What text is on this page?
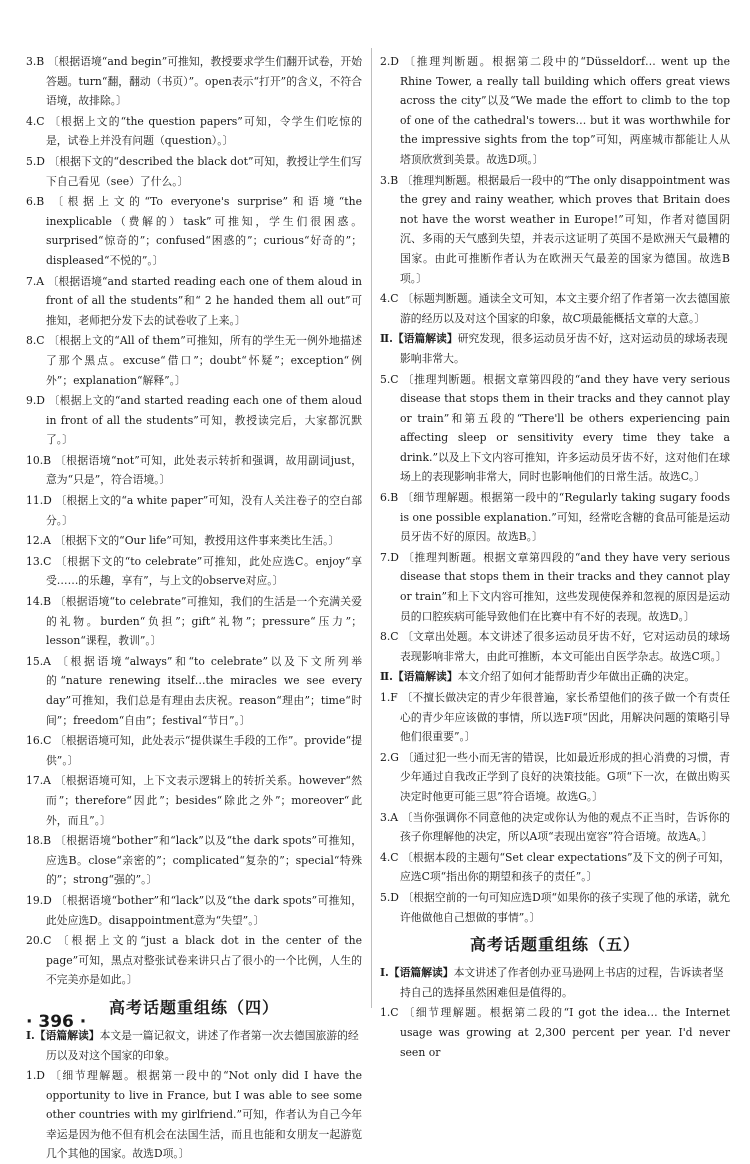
3.B 〔根据语境“and begin”可推知，教授要求学生们翻开试卷，开始答题。turn“翻，翻动（书页）”。open表示“打开”的含义，不符合语境，故排除。〕

4.C 〔根据上文的“the question papers”可知，令学生们吃惊的是，试卷上并没有问题（question）。〕

5.D 〔根据下文的“described the black dot”可知，教授让学生们写下自己看见（see）了什么。〕

6.B 〔根据上文的“To everyone's surprise”和语境“the inexplicable（费解的）task”可推知，学生们很困惑。surprised“惊奇的”；confused“困惑的”；curious“好奇的”；displeased“不悦的”。〕

7.A 〔根据语境“and started reading each one of them aloud in front of all the students”和“ 2 he handed them all out”可推知，老师把分发下去的试卷收了上来。〕

8.C 〔根据上文的“All of them”可推知，所有的学生无一例外地描述了那个黑点。excuse“借口”；doubt“怀疑”；exception“例外”；explanation“解释”。〕

9.D 〔根据上文的“and started reading each one of them aloud in front of all the students”可知，教授读完后，大家都沉默了。〕

10.B 〔根据语境“not”可知，此处表示转折和强调，故用副词just，意为“只是”，符合语境。〕

11.D 〔根据上文的“a white paper”可知，没有人关注卷子的空白部分。〕

12.A 〔根据下文的“Our life”可知，教授用这件事来类比生活。〕

13.C 〔根据下文的“to celebrate”可推知，此处应选C。enjoy“享受……的乐趣，享有”，与上文的observe对应。〕

14.B 〔根据语境“to celebrate”可推知，我们的生活是一个充满关爱的礼物。burden“负担”；gift“礼物”；pressure“压力”；lesson“课程，教训”。〕

15.A 〔根据语境“always”和“to celebrate”以及下文所列举的“nature renewing itself…the miracles we see every day”可推知，我们总是有理由去庆祝。reason“理由”；time“时间”；freedom“自由”；festival“节日”。〕

16.C 〔根据语境可知，此处表示“提供谋生手段的工作”。provide“提供”。〕

17.A 〔根据语境可知，上下文表示逻辑上的转折关系。however“然而”；therefore“因此”；besides“除此之外”；moreover“此外，而且”。〕

18.B 〔根据语境“bother”和“lack”以及“the dark spots”可推知，应选B。close“亲密的”；complicated“复杂的”；special“特殊的”；strong“强的”。〕

19.D 〔根据语境“bother”和“lack”以及“the dark spots”可推知，此处应选D。disappointment意为“失望”。〕

20.C 〔根据上文的“just a black dot in the center of the page”可知，黑点对整张试卷来讲只占了很小的一个比例，人生的不完美亦是如此。〕

高考话题重组练（四）
Ⅰ.【语篇解读】本文是一篇记叙文，讲述了作者第一次去德国旅游的经历以及对这个国家的印象。

1.D 〔细节理解题。根据第一段中的“Not only did I have the opportunity to live in France, but I was able to see some other countries with my girlfriend.”可知，作者认为自己今年幸运是因为他不但有机会在法国生活，而且也能和女朋友一起游览几个其他的国家。故选D项。〕

2.D 〔推理判断题。根据第二段中的“Düsseldorf… went up the Rhine Tower, a really tall building which offers great views across the city”以及“We made the effort to climb to the top of one of the cathedral's towers… but it was worthwhile for the impressive sights from the top”可知，两座城市都能让人从塔顶欣赏到美景。故选D项。〕

3.B 〔推理判断题。根据最后一段中的“The only disappointment was the grey and rainy weather, which proves that Britain does not have the worst weather in Europe!”可知，作者对德国阴沉、多雨的天气感到失望，并表示这证明了英国不是欧洲天气最糟的国家。由此可推断作者认为在欧洲天气最差的国家为德国。故选B项。〕

4.C 〔标题判断题。通读全文可知，本文主要介绍了作者第一次去德国旅游的经历以及对这个国家的印象，故C项最能概括文章的大意。〕

Ⅱ.【语篇解读】研究发现，很多运动员牙齿不好，这对运动员的球场表现影响非常大。

5.C 〔推理判断题。根据文章第四段的“and they have very serious disease that stops them in their tracks and they cannot play or train”和第五段的“There'll be others experiencing pain affecting sleep or sensitivity every time they take a drink.”以及上下文内容可推知，许多运动员牙齿不好，这对他们在球场上的表现影响非常大，同时也影响他们的日常生活。故选C。〕

6.B 〔细节理解题。根据第一段中的“Regularly taking sugary foods is one possible explanation.”可知，经常吃含糖的食品可能是运动员牙齿不好的原因。故选B。〕

7.D 〔推理判断题。根据文章第四段的“and they have very serious disease that stops them in their tracks and they cannot play or train”和上下文内容可推知，这些发现使保养和忽视的原因是运动员的口腔疾病可能导致他们在比赛中有不好的表现。故选D。〕

8.C 〔文章出处题。本文讲述了很多运动员牙齿不好，它对运动员的球场表现影响非常大，由此可推断，本文可能出自医学杂志。故选C项。〕

Ⅱ.【语篇解读】本文介绍了如何才能帮助青少年做出正确的决定。

1.F 〔不擅长做决定的青少年很普遍，家长希望他们的孩子做一个有责任心的青少年应该做的事情，所以选F项“因此，用解决问题的策略引导他们很重要”。〕

2.G 〔通过犯一些小而无害的错误，比如最近形成的担心消费的习惯，青少年通过自我改正学到了良好的决策技能。G项“下一次，在做出购买决定时他更可能三思”符合语境。故选G。〕

3.A 〔当你强调你不同意他的决定或你认为他的观点不正当时，告诉你的孩子你理解他的决定，所以A项“表现出宽容”符合语境。故选A。〕

4.C 〔根据本段的主题句“Set clear expectations”及下文的例子可知，应选C项“指出你的期望和孩子的责任”。〕

5.D 〔根据空前的一句可知应选D项“如果你的孩子实现了他的承诺，就允许他做他自己想做的事情”。〕

高考话题重组练（五）
Ⅰ.【语篇解读】本文讲述了作者创办亚马逊网上书店的过程，告诉读者坚持自己的选择虽然困难但是值得的。

1.C 〔细节理解题。根据第二段的“I got the idea… the Internet usage was growing at 2,300 percent per year. I'd never seen or

· 396 ·
